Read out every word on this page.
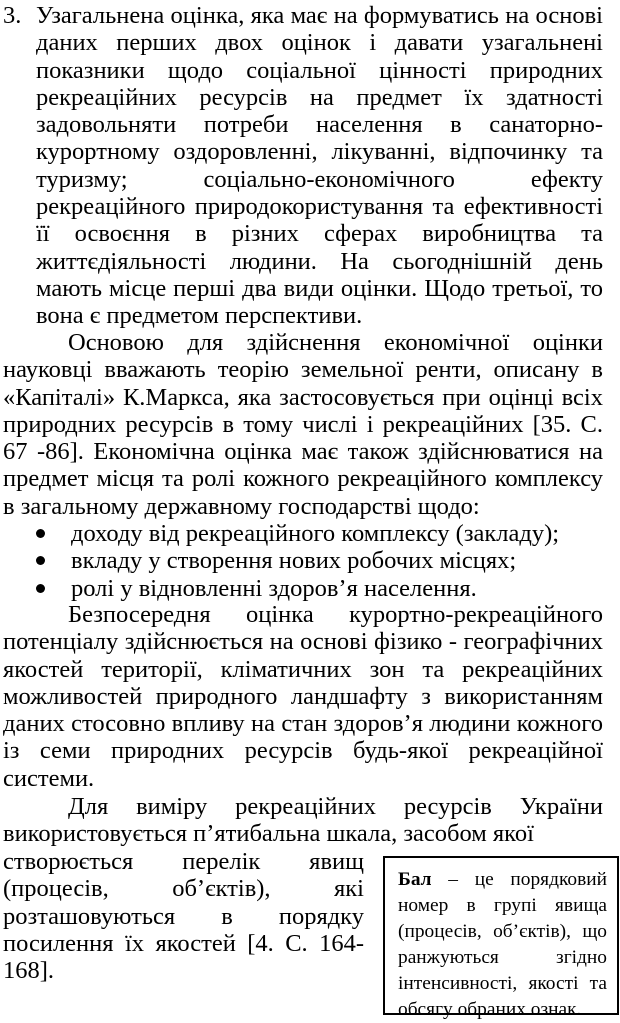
3. Узагальнена оцінка, яка має на формуватись на основі даних перших двох оцінок і давати узагальнені показники щодо соціальної цінності природних рекреаційних ресурсів на предмет їх здатності задовольняти потреби населення в санаторно-курортному оздоровленні, лікуванні, відпочинку та туризму; соціально-економічного ефекту рекреаційного природокористування та ефективності її освоєння в різних сферах виробництва та життєдіяльності людини. На сьогоднішній день мають місце перші два види оцінки. Щодо третьої, то вона є предметом перспективи.
Основою для здійснення економічної оцінки науковці вважають теорію земельної ренти, описану в «Капіталі» К.Маркса, яка застосовується при оцінці всіх природних ресурсів в тому числі і рекреаційних [35. С. 67 -86]. Економічна оцінка має також здійснюватися на предмет місця та ролі кожного рекреаційного комплексу в загальному державному господарстві щодо:
доходу від рекреаційного комплексу (закладу);
вкладу у створення нових робочих місцях;
ролі у відновленні здоров’я населення.
Безпосередня оцінка курортно-рекреаційного потенціалу здійснюється на основі фізико - географічних якостей території, кліматичних зон та рекреаційних можливостей природного ландшафту з використанням даних стосовно впливу на стан здоров’я людини кожного із семи природних ресурсів будь-якої рекреаційної системи.
Для виміру рекреаційних ресурсів України використовується п’ятибальна шкала, засобом якої
створюється перелік явищ (процесів, об’єктів), які розташовуються в порядку посилення їх якостей [4. С. 164-168].
Бал – це порядковий номер в групі явища (процесів, об’єктів), що ранжуються згідно інтенсивності, якості та обсягу обраних ознак.
